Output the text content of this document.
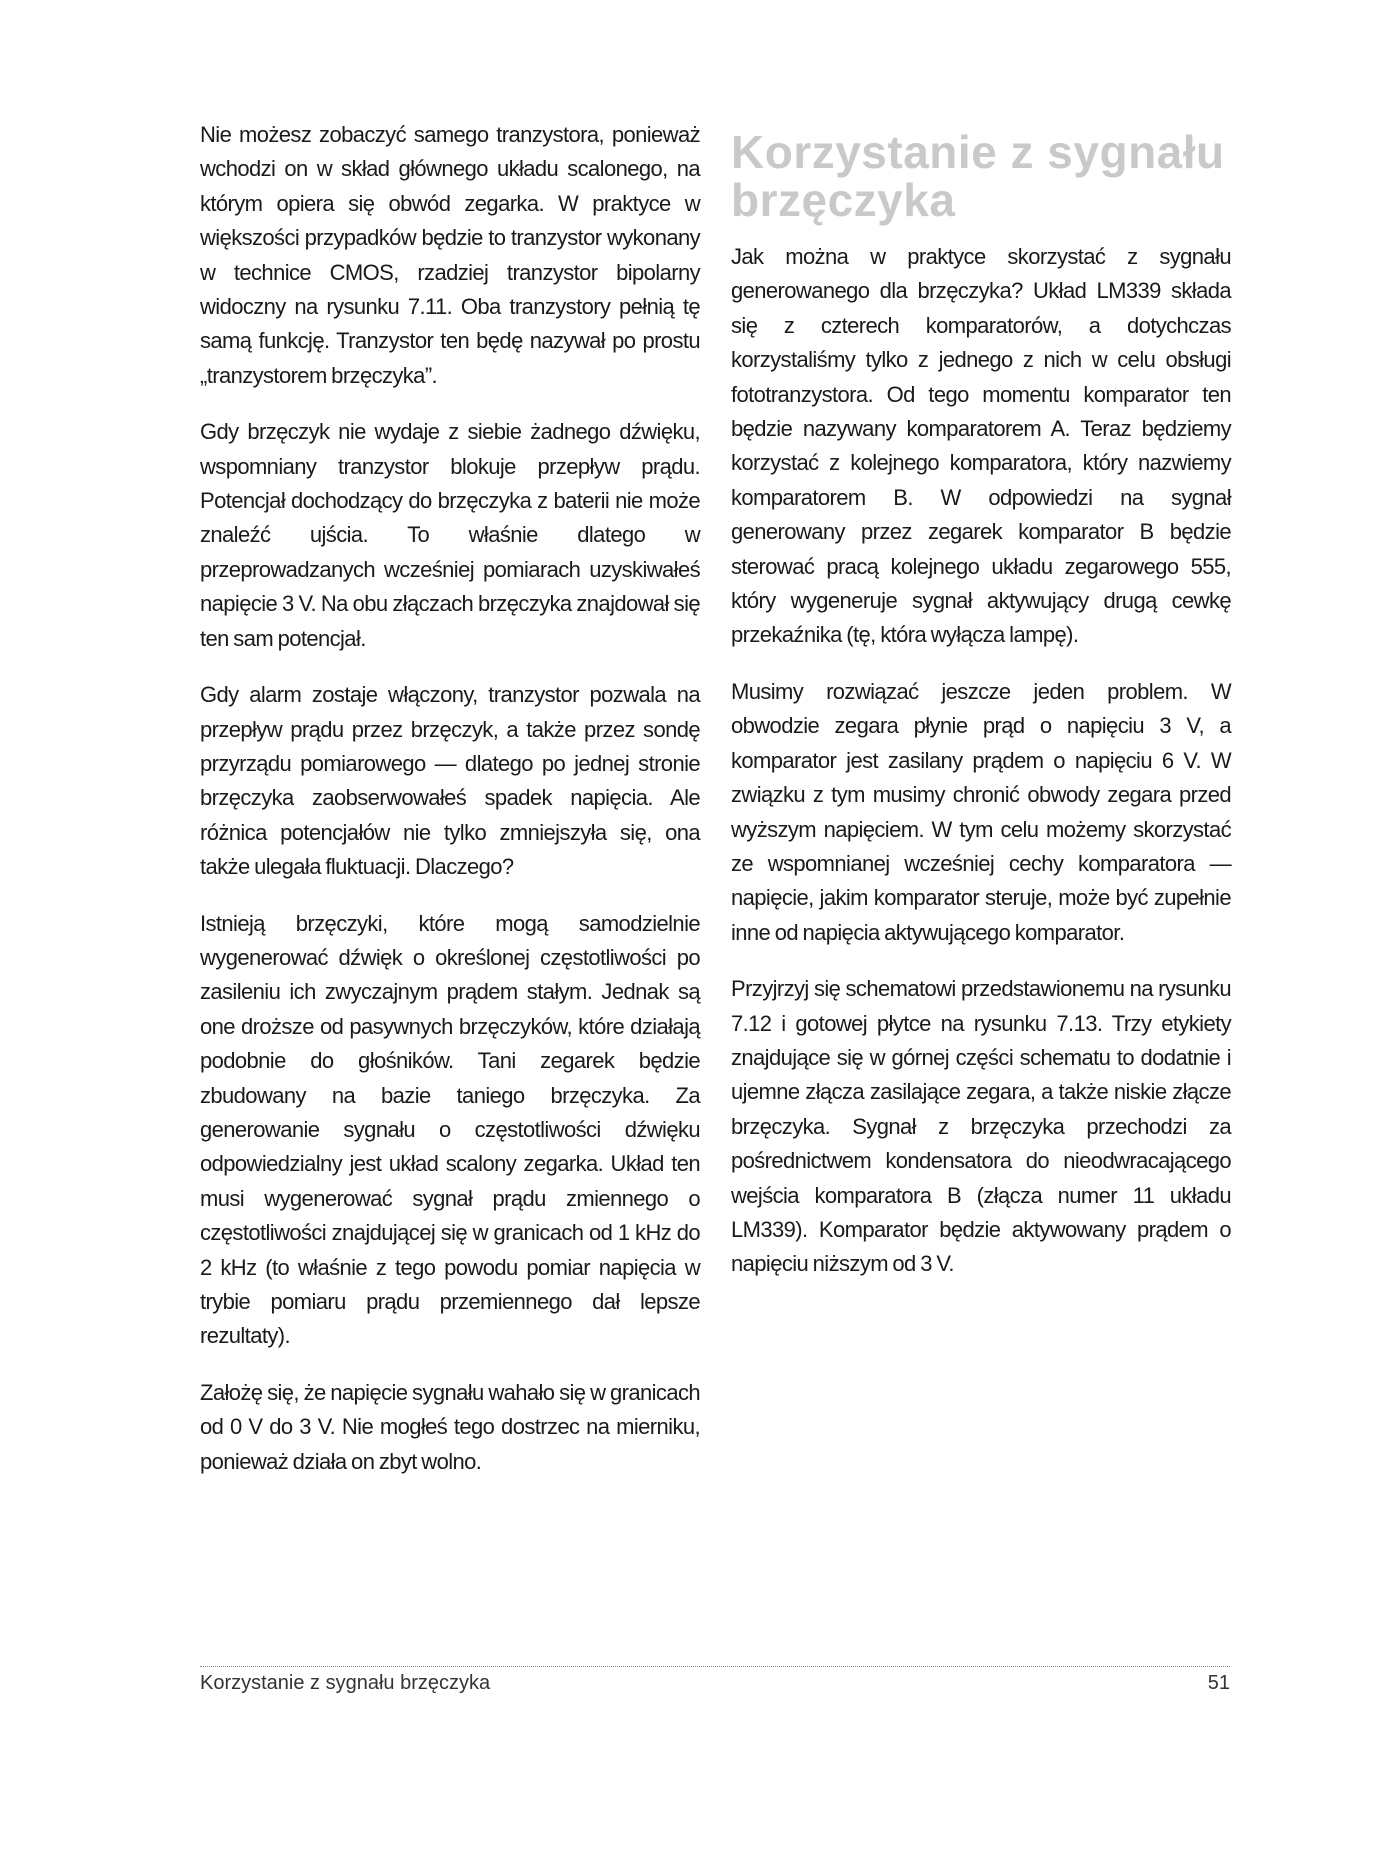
Nie możesz zobaczyć samego tranzystora, ponieważ wchodzi on w skład głównego układu scalonego, na którym opiera się obwód zegarka. W praktyce w większości przypadków będzie to tranzystor wykonany w technice CMOS, rzadziej tranzystor bipolarny widoczny na rysunku 7.11. Oba tranzystory pełnią tę samą funkcję. Tranzystor ten będę nazywał po prostu „tranzystorem brzęczyka”.

Gdy brzęczyk nie wydaje z siebie żadnego dźwięku, wspomniany tranzystor blokuje przepływ prądu. Potencjał dochodzący do brzęczyka z baterii nie może znaleźć ujścia. To właśnie dlatego w przeprowadzanych wcześniej pomiarach uzyskiwałeś napięcie 3 V. Na obu złączach brzęczyka znajdował się ten sam potencjał.

Gdy alarm zostaje włączony, tranzystor pozwala na przepływ prądu przez brzęczyk, a także przez sondę przyrządu pomiarowego — dlatego po jednej stronie brzęczyka zaobserwowałeś spadek napięcia. Ale różnica potencjałów nie tylko zmniejszyła się, ona także ulegała fluktuacji. Dlaczego?

Istnieją brzęczyki, które mogą samodzielnie wygenerować dźwięk o określonej częstotliwości po zasileniu ich zwyczajnym prądem stałym. Jednak są one droższe od pasywnych brzęczyków, które działają podobnie do głośników. Tani zegarek będzie zbudowany na bazie taniego brzęczyka. Za generowanie sygnału o częstotliwości dźwięku odpowiedzialny jest układ scalony zegarka. Układ ten musi wygenerować sygnał prądu zmiennego o częstotliwości znajdującej się w granicach od 1 kHz do 2 kHz (to właśnie z tego powodu pomiar napięcia w trybie pomiaru prądu przemiennego dał lepsze rezultaty).

Założę się, że napięcie sygnału wahało się w granicach od 0 V do 3 V. Nie mogłeś tego dostrzec na mierniku, ponieważ działa on zbyt wolno.

Korzystanie z sygnału
brzęczyka

Jak można w praktyce skorzystać z sygnału generowanego dla brzęczyka? Układ LM339 składa się z czterech komparatorów, a dotychczas korzystaliśmy tylko z jednego z nich w celu obsługi fototranzystora. Od tego momentu komparator ten będzie nazywany komparatorem A. Teraz będziemy korzystać z kolejnego komparatora, który nazwiemy komparatorem B. W odpowiedzi na sygnał generowany przez zegarek komparator B będzie sterować pracą kolejnego układu zegarowego 555, który wygeneruje sygnał aktywujący drugą cewkę przekaźnika (tę, która wyłącza lampę).

Musimy rozwiązać jeszcze jeden problem. W obwodzie zegara płynie prąd o napięciu 3 V, a komparator jest zasilany prądem o napięciu 6 V. W związku z tym musimy chronić obwody zegara przed wyższym napięciem. W tym celu możemy skorzystać ze wspomnianej wcześniej cechy komparatora — napięcie, jakim komparator steruje, może być zupełnie inne od napięcia aktywującego komparator.

Przyjrzyj się schematowi przedstawionemu na rysunku 7.12 i gotowej płytce na rysunku 7.13. Trzy etykiety znajdujące się w górnej części schematu to dodatnie i ujemne złącza zasilające zegara, a także niskie złącze brzęczyka. Sygnał z brzęczyka przechodzi za pośrednictwem kondensatora do nieodwracającego wejścia komparatora B (złącza numer 11 układu LM339). Komparator będzie aktywowany prądem o napięciu niższym od 3 V.

Korzystanie z sygnału brzęczyka	51
